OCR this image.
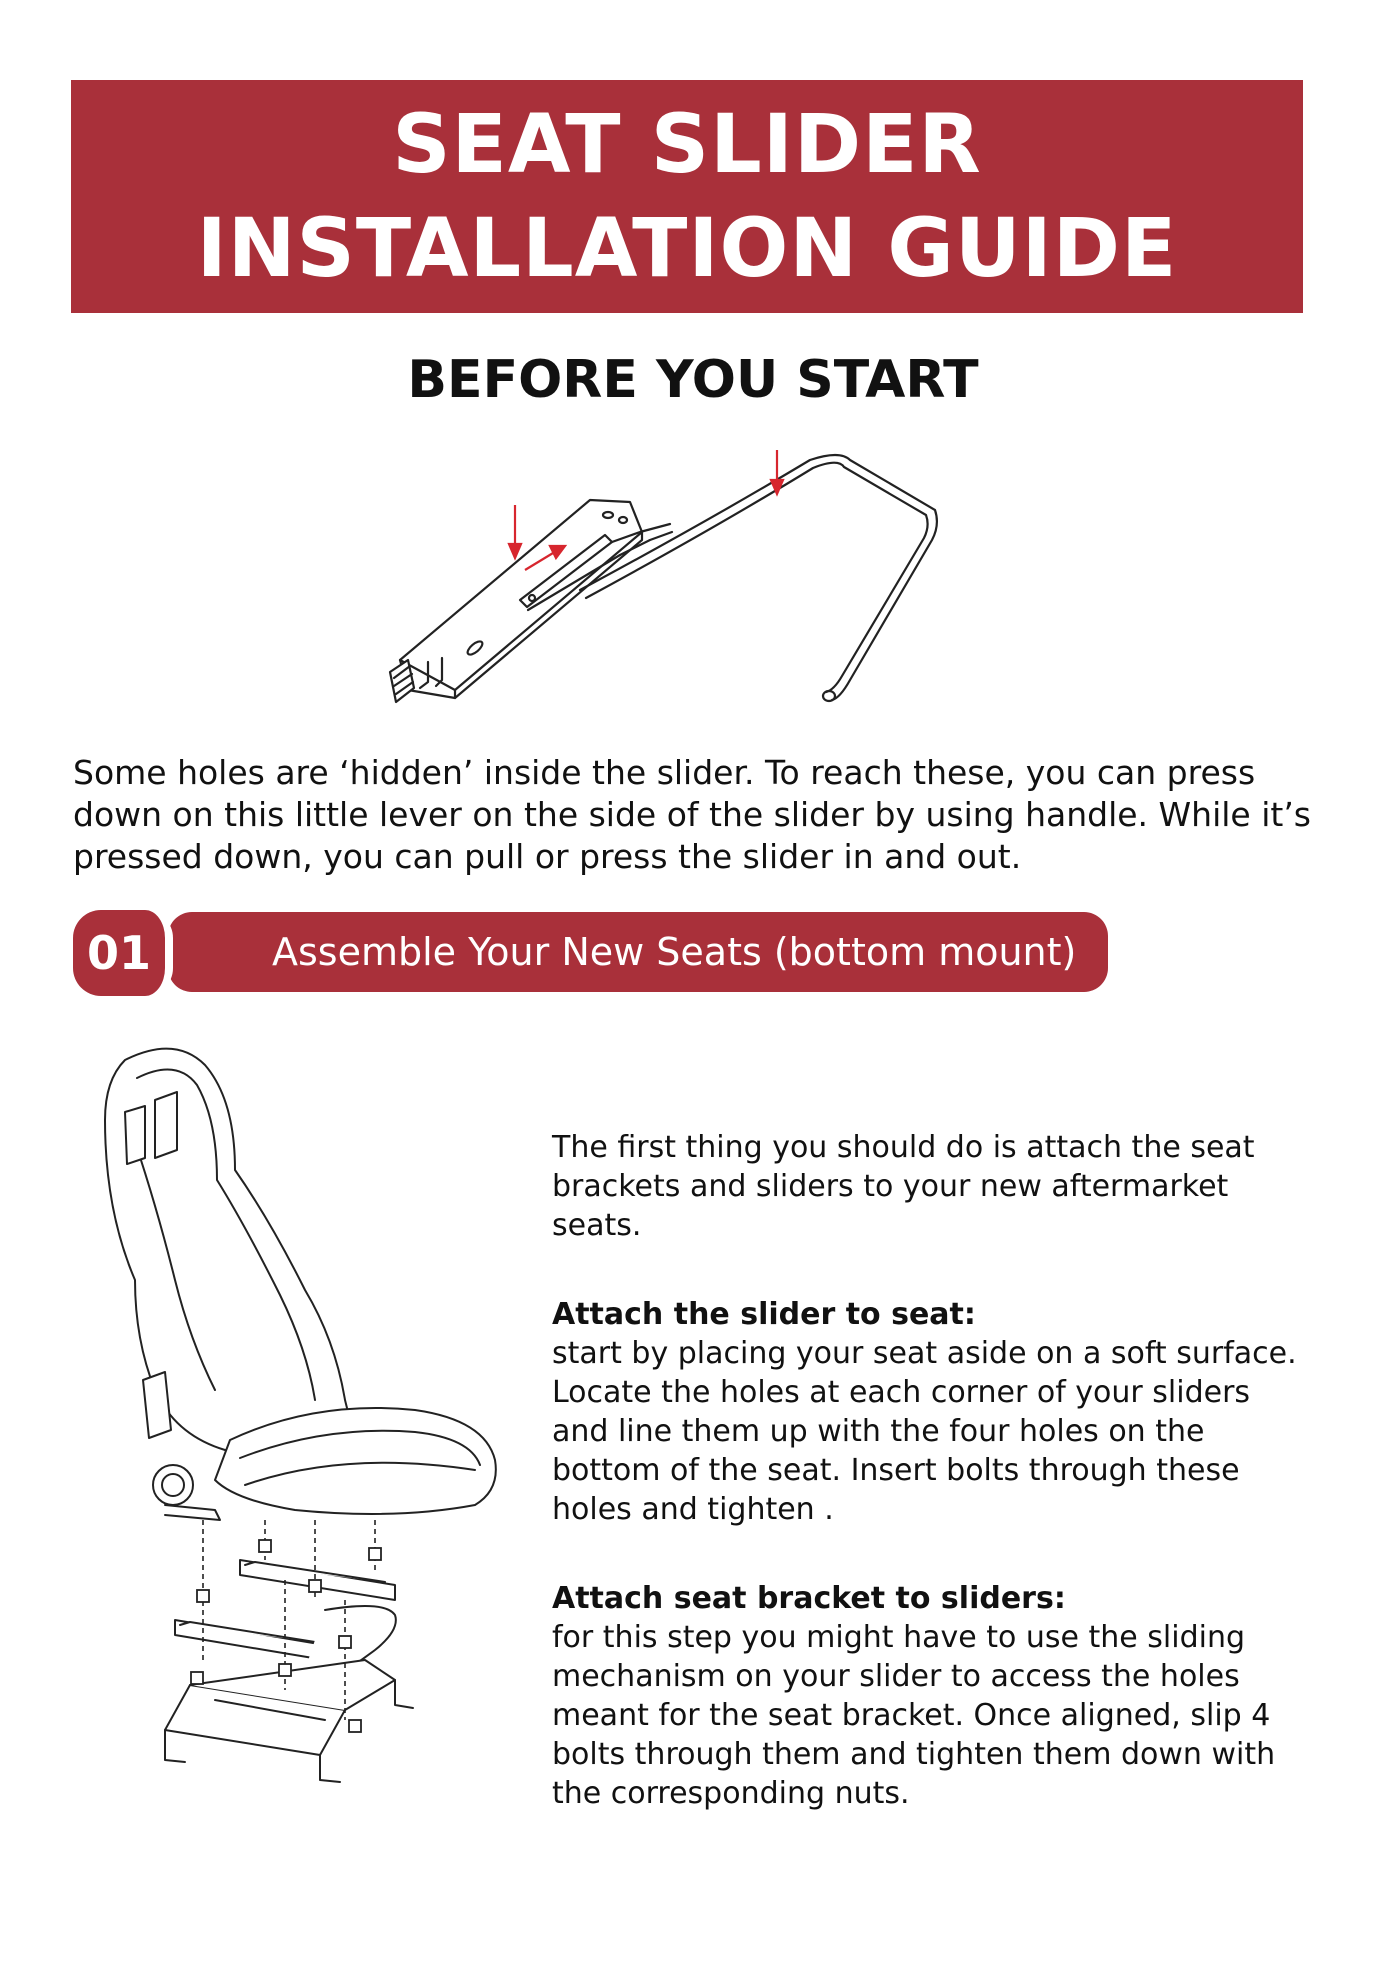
SEAT SLIDER
INSTALLATION GUIDE
BEFORE YOU START
Some holes are ‘hidden’ inside the slider. To reach these, you can press down on this little lever on the side of the slider by using handle. While it’s pressed down, you can pull or press the slider in and out.
Assemble Your New Seats (bottom mount)
01

The first thing you should do is attach the seat brackets and sliders to your new aftermarket seats.

Attach the slider to seat:
start by placing your seat aside on a soft surface. Locate the holes at each corner of your sliders and line them up with the four holes on the bottom of the seat. Insert bolts through these holes and tighten .

Attach seat bracket to sliders:
for this step you might have to use the sliding mechanism on your slider to access the holes meant for the seat bracket. Once aligned, slip 4 bolts through them and tighten them down with the corresponding nuts.
